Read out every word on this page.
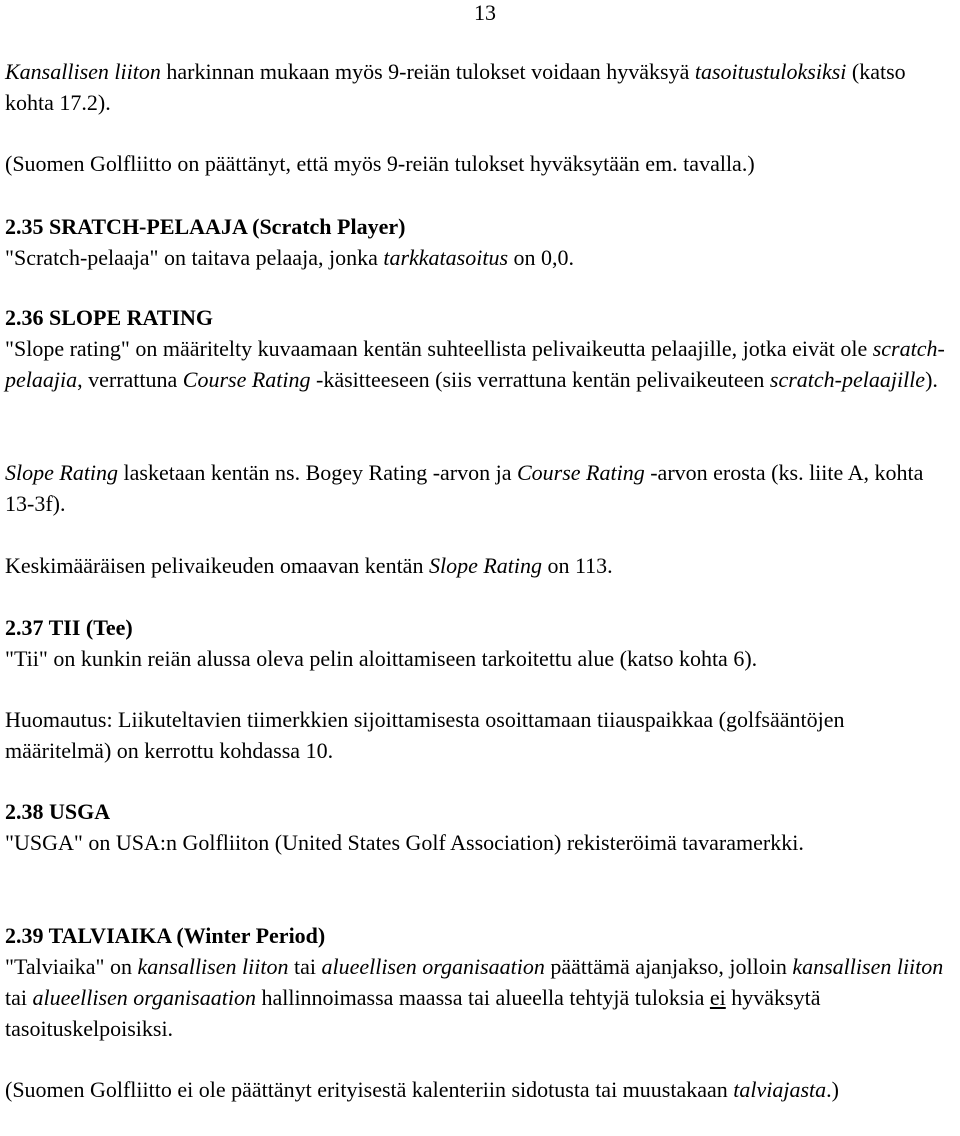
13

Kansallisen liiton harkinnan mukaan myös 9-reiän tulokset voidaan hyväksyä tasoitustuloksiksi (katso kohta 17.2).

(Suomen Golfliitto on päättänyt, että myös 9-reiän tulokset hyväksytään em. tavalla.)

2.35 SRATCH-PELAAJA (Scratch Player)
"Scratch-pelaaja" on taitava pelaaja, jonka tarkkatasoitus on 0,0.
2.36 SLOPE RATING
"Slope rating" on määritelty kuvaamaan kentän suhteellista pelivaikeutta pelaajille, jotka eivät ole scratch-pelaajia, verrattuna Course Rating -käsitteeseen (siis verrattuna kentän pelivaikeuteen scratch-pelaajille).

Slope Rating lasketaan kentän ns. Bogey Rating -arvon ja Course Rating -arvon erosta (ks. liite A, kohta 13-3f).

Keskimääräisen pelivaikeuden omaavan kentän Slope Rating on 113.

2.37 TII (Tee)
"Tii" on kunkin reiän alussa oleva pelin aloittamiseen tarkoitettu alue (katso kohta 6).

Huomautus: Liikuteltavien tiimerkkien sijoittamisesta osoittamaan tiiauspaikkaa (golfsääntöjen määritelmä) on kerrottu kohdassa 10.

2.38 USGA
"USGA" on USA:n Golfliiton (United States Golf Association) rekisteröimä tavaramerkki.
2.39 TALVIAIKA (Winter Period)
"Talviaika" on kansallisen liiton tai alueellisen organisaation päättämä ajanjakso, jolloin kansallisen liiton tai alueellisen organisaation hallinnoimassa maassa tai alueella tehtyjä tuloksia ei hyväksytä tasoituskelpoisiksi.

(Suomen Golfliitto ei ole päättänyt erityisestä kalenteriin sidotusta tai muustakaan talviajasta.)
